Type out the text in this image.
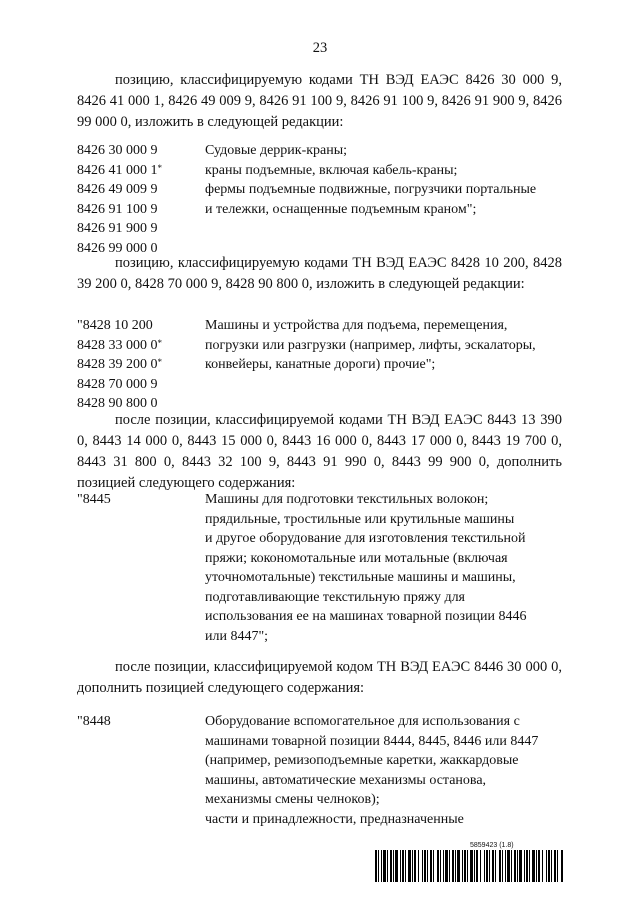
23
позицию, классифицируемую кодами ТН ВЭД ЕАЭС 8426 30 000 9, 8426 41 000 1, 8426 49 009 9, 8426 91 100 9, 8426 91 100 9, 8426 91 900 9, 8426 99 000 0, изложить в следующей редакции:
8426 30 000 9
8426 41 000 1*
8426 49 009 9
8426 91 100 9
8426 91 900 9
8426 99 000 0
Судовые деррик-краны;
краны подъемные, включая кабель-краны;
фермы подъемные подвижные, погрузчики портальные
и тележки, оснащенные подъемным краном";
позицию, классифицируемую кодами ТН ВЭД ЕАЭС 8428 10 200, 8428 39 200 0, 8428 70 000 9, 8428 90 800 0, изложить в следующей редакции:
"8428 10 200
8428 33 000 0*
8428 39 200 0*
8428 70 000 9
8428 90 800 0
Машины и устройства для подъема, перемещения,
погрузки или разгрузки (например, лифты, эскалаторы,
конвейеры, канатные дороги) прочие";
после позиции, классифицируемой кодами ТН ВЭД ЕАЭС 8443 13 390 0, 8443 14 000 0, 8443 15 000 0, 8443 16 000 0, 8443 17 000 0, 8443 19 700 0, 8443 31 800 0, 8443 32 100 9, 8443 91 990 0, 8443 99 900 0, дополнить позицией следующего содержания:
"8445	Машины для подготовки текстильных волокон;
прядильные, тростильные или крутильные машины
и другое оборудование для изготовления текстильной
пряжи; кокономотальные или мотальные (включая
уточномотальные) текстильные машины и машины,
подготавливающие текстильную пряжу для
использования ее на машинах товарной позиции 8446
или 8447";
после позиции, классифицируемой кодом ТН ВЭД ЕАЭС 8446 30 000 0, дополнить позицией следующего содержания:
"8448	Оборудование вспомогательное для использования с
машинами товарной позиции 8444, 8445, 8446 или 8447
(например, ремизоподъемные каретки, жаккардовые
машины, автоматические механизмы останова,
механизмы смены челноков);
части и принадлежности, предназначенные
5859423 (1.8)
